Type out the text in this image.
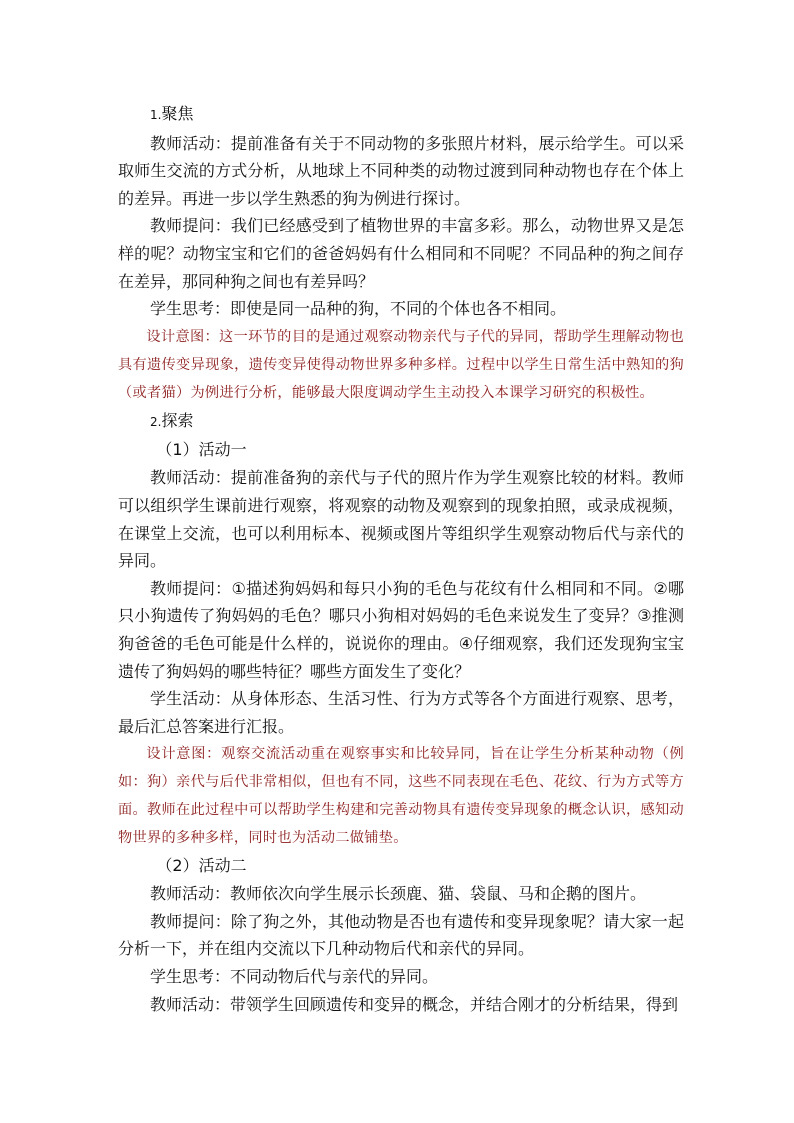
1.聚焦

教师活动：提前准备有关于不同动物的多张照片材料，展示给学生。可以采取师生交流的方式分析，从地球上不同种类的动物过渡到同种动物也存在个体上的差异。再进一步以学生熟悉的狗为例进行探讨。

教师提问：我们已经感受到了植物世界的丰富多彩。那么，动物世界又是怎样的呢？动物宝宝和它们的爸爸妈妈有什么相同和不同呢？不同品种的狗之间存在差异，那同种狗之间也有差异吗？

学生思考：即使是同一品种的狗，不同的个体也各不相同。

设计意图：这一环节的目的是通过观察动物亲代与子代的异同，帮助学生理解动物也具有遗传变异现象，遗传变异使得动物世界多种多样。过程中以学生日常生活中熟知的狗（或者猫）为例进行分析，能够最大限度调动学生主动投入本课学习研究的积极性。

2.探索

（1）活动一

教师活动：提前准备狗的亲代与子代的照片作为学生观察比较的材料。教师可以组织学生课前进行观察，将观察的动物及观察到的现象拍照，或录成视频，在课堂上交流，也可以利用标本、视频或图片等组织学生观察动物后代与亲代的异同。

教师提问：①描述狗妈妈和每只小狗的毛色与花纹有什么相同和不同。②哪只小狗遗传了狗妈妈的毛色？哪只小狗相对妈妈的毛色来说发生了变异？③推测狗爸爸的毛色可能是什么样的，说说你的理由。④仔细观察，我们还发现狗宝宝遗传了狗妈妈的哪些特征？哪些方面发生了变化？

学生活动：从身体形态、生活习性、行为方式等各个方面进行观察、思考，最后汇总答案进行汇报。

设计意图：观察交流活动重在观察事实和比较异同，旨在让学生分析某种动物（例如：狗）亲代与后代非常相似，但也有不同，这些不同表现在毛色、花纹、行为方式等方面。教师在此过程中可以帮助学生构建和完善动物具有遗传变异现象的概念认识，感知动物世界的多种多样，同时也为活动二做铺垫。

（2）活动二

教师活动：教师依次向学生展示长颈鹿、猫、袋鼠、马和企鹅的图片。

教师提问：除了狗之外，其他动物是否也有遗传和变异现象呢？请大家一起分析一下，并在组内交流以下几种动物后代和亲代的异同。

学生思考：不同动物后代与亲代的异同。

教师活动：带领学生回顾遗传和变异的概念，并结合刚才的分析结果，得到
